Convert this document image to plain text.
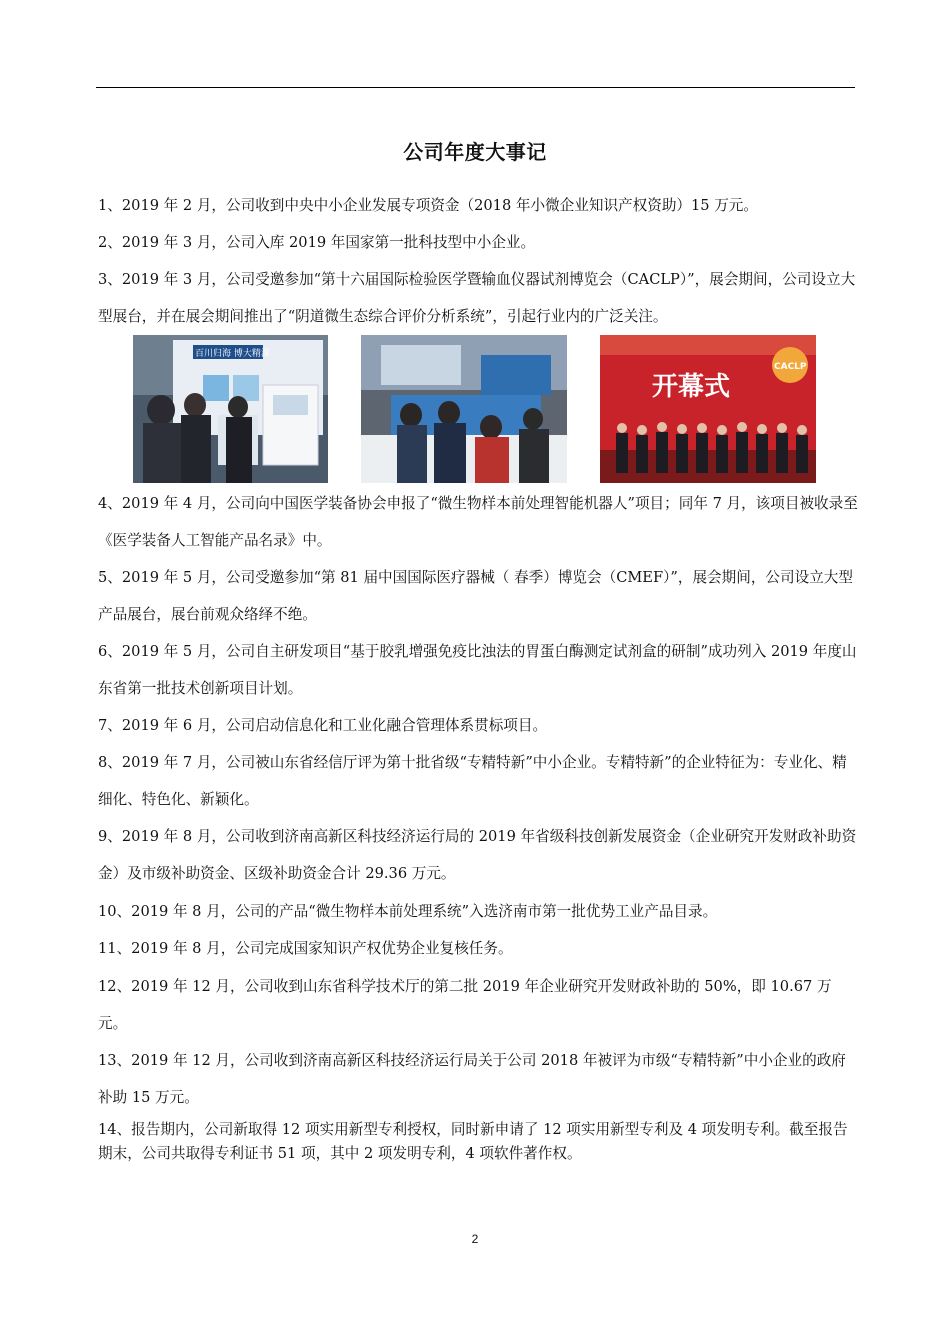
公司年度大事记

1、2019 年 2 月，公司收到中央中小企业发展专项资金（2018 年小微企业知识产权资助）15 万元。

2、2019 年 3 月，公司入库 2019 年国家第一批科技型中小企业。

3、2019 年 3 月，公司受邀参加“第十六届国际检验医学暨输血仪器试剂博览会（CACLP）”，展会期间，公司设立大型展台，并在展会期间推出了“阴道微生态综合评价分析系统”，引起行业内的广泛关注。

百川归海 博大精深
开幕式
CACLP

4、2019 年 4 月，公司向中国医学装备协会申报了“微生物样本前处理智能机器人”项目；同年 7 月，该项目被收录至《医学装备人工智能产品名录》中。

5、2019 年 5 月，公司受邀参加“第 81 届中国国际医疗器械（ 春季）博览会（CMEF）”，展会期间，公司设立大型产品展台，展台前观众络绎不绝。

6、2019 年 5 月，公司自主研发项目“基于胶乳增强免疫比浊法的胃蛋白酶测定试剂盒的研制”成功列入 2019 年度山东省第一批技术创新项目计划。

7、2019 年 6 月，公司启动信息化和工业化融合管理体系贯标项目。

8、2019 年 7 月，公司被山东省经信厅评为第十批省级“专精特新”中小企业。专精特新”的企业特征为：专业化、精细化、特色化、新颖化。

9、2019 年 8 月，公司收到济南高新区科技经济运行局的 2019 年省级科技创新发展资金（企业研究开发财政补助资金）及市级补助资金、区级补助资金合计 29.36 万元。

10、2019 年 8 月，公司的产品“微生物样本前处理系统”入选济南市第一批优势工业产品目录。

11、2019 年 8 月，公司完成国家知识产权优势企业复核任务。

12、2019 年 12 月，公司收到山东省科学技术厅的第二批 2019 年企业研究开发财政补助的 50%，即 10.67 万元。

13、2019 年 12 月，公司收到济南高新区科技经济运行局关于公司 2018 年被评为市级“专精特新”中小企业的政府补助 15 万元。

14、报告期内，公司新取得 12 项实用新型专利授权，同时新申请了 12 项实用新型专利及 4 项发明专利。截至报告期末，公司共取得专利证书 51 项，其中 2 项发明专利，4 项软件著作权。

2
